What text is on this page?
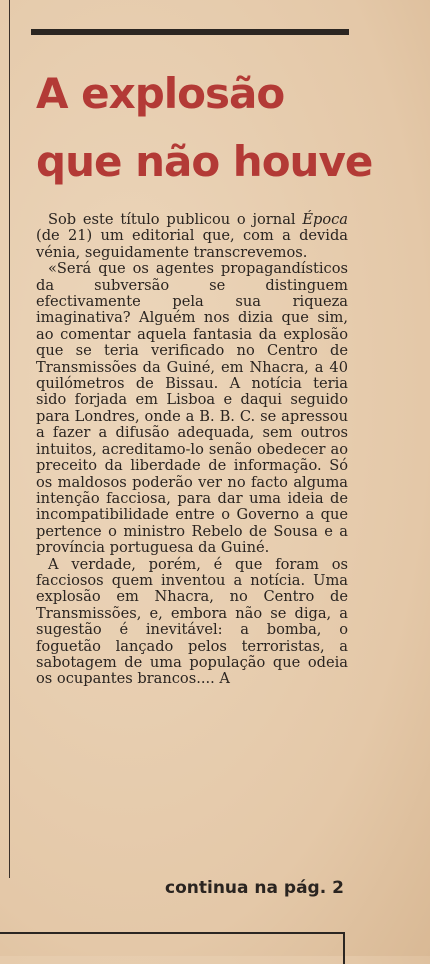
A explosão
que não houve

Sob este título publicou o jornal Época (de 21) um editorial que, com a devida vénia, seguidamente transcrevemos.

«Será que os agentes propagandísticos da subversão se distinguem efectivamente pela sua riqueza imaginativa? Alguém nos dizia que sim, ao comentar aquela fantasia da explosão que se teria verificado no Centro de Transmissões da Guiné, em Nhacra, a 40 quilómetros de Bissau. A notícia teria sido forjada em Lisboa e daqui seguido para Londres, onde a B. B. C. se apressou a fazer a difusão adequada, sem outros intuitos, acreditamo-lo senão obedecer ao preceito da liberdade de informação. Só os maldosos poderão ver no facto alguma intenção facciosa, para dar uma ideia de incompatibilidade entre o Governo a que pertence o ministro Rebelo de Sousa e a província portuguesa da Guiné.

A verdade, porém, é que foram os facciosos quem inventou a notícia. Uma explosão em Nhacra, no Centro de Transmissões, e, embora não se diga, a sugestão é inevitável: a bomba, o foguetão lançado pelos terroristas, a sabotagem de uma população que odeia os ocupantes brancos.... A

continua na pág. 2
